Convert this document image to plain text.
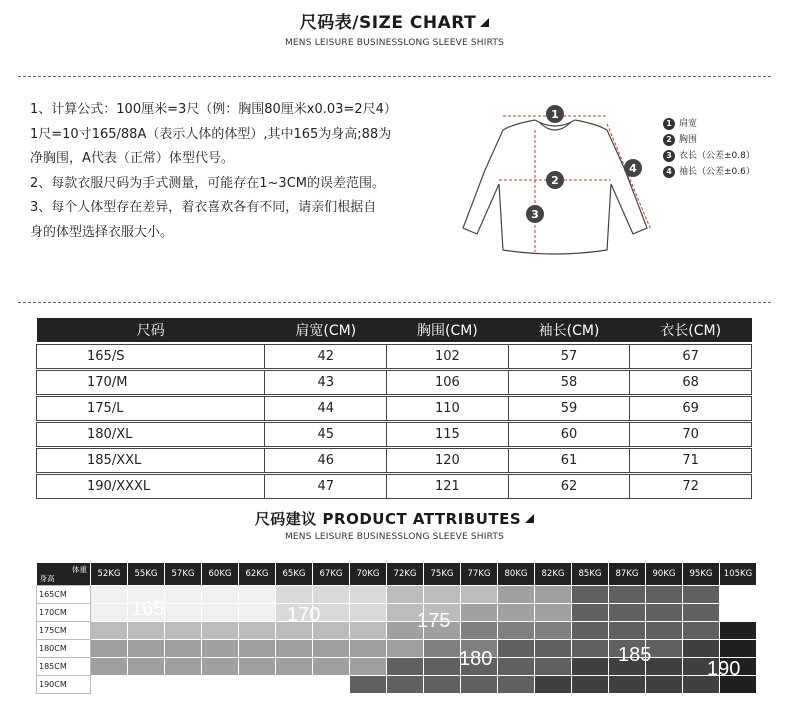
尺码表/SIZE CHART
MENS LEISURE BUSINESSLONG SLEEVE SHIRTS
1、计算公式：100厘米=3尺（例：胸围80厘米x0.03=2尺4）
1尺=10寸165/88A（表示人体的体型）,其中165为身高;88为
净胸围，A代表（正常）体型代号。
2、每款衣服尺码为手式测量，可能存在1~3CM的误差范围。
3、每个人体型存在差异，着衣喜欢各有不同，请亲们根据自
身的体型选择衣服大小。
1
2
3
4
1 肩宽
2 胸围
3 衣长（公差±0.8）
4 袖长（公差±0.6）
尺码	肩宽(CM)	胸围(CM)	袖长(CM)	衣长(CM)

165/S	42	102	57	67

170/M	43	106	58	68

175/L	44	110	59	69

180/XL	45	115	60	70

185/XXL	46	120	61	71

190/XXXL	47	121	62	72
尺码建议 PRODUCT ATTRIBUTES
MENS LEISURE BUSINESSLONG SLEEVE SHIRTS
体重
身高	52KG	55KG	57KG	60KG	62KG	65KG	67KG	70KG	72KG	75KG	77KG	80KG	82KG	85KG	87KG	90KG	95KG	105KG
165CM																		
170CM																		
175CM																		
180CM																		
185CM																		
190CM																		
165	170	175
180	185
190
